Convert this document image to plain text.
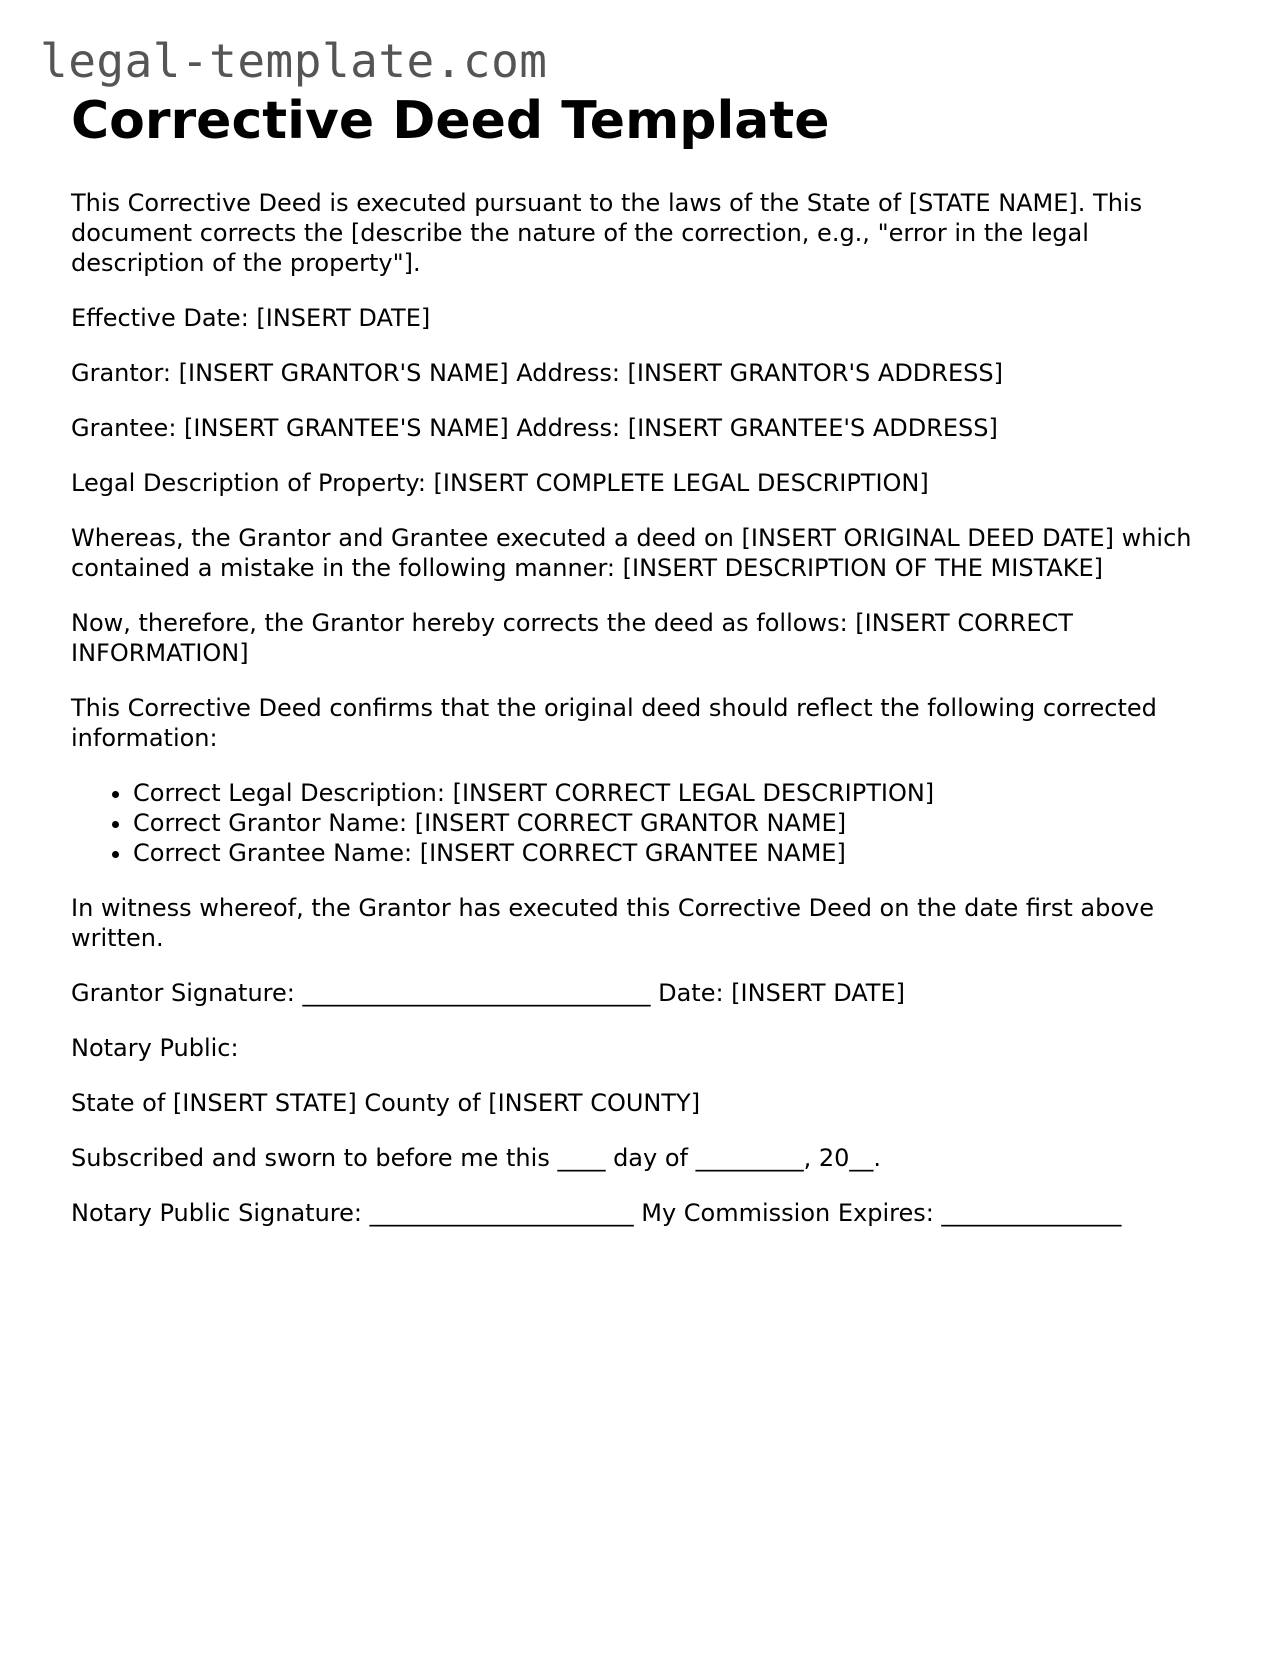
legal-template.com
Corrective Deed Template

This Corrective Deed is executed pursuant to the laws of the State of [STATE NAME]. This document corrects the [describe the nature of the correction, e.g., "error in the legal description of the property"].

Effective Date: [INSERT DATE]

Grantor: [INSERT GRANTOR'S NAME] Address: [INSERT GRANTOR'S ADDRESS]

Grantee: [INSERT GRANTEE'S NAME] Address: [INSERT GRANTEE'S ADDRESS]

Legal Description of Property: [INSERT COMPLETE LEGAL DESCRIPTION]

Whereas, the Grantor and Grantee executed a deed on [INSERT ORIGINAL DEED DATE] which contained a mistake in the following manner: [INSERT DESCRIPTION OF THE MISTAKE]

Now, therefore, the Grantor hereby corrects the deed as follows: [INSERT CORRECT INFORMATION]

This Corrective Deed confirms that the original deed should reflect the following corrected information:

• Correct Legal Description: [INSERT CORRECT LEGAL DESCRIPTION]
• Correct Grantor Name: [INSERT CORRECT GRANTOR NAME]
• Correct Grantee Name: [INSERT CORRECT GRANTEE NAME]

In witness whereof, the Grantor has executed this Corrective Deed on the date first above written.

Grantor Signature: _____________________________ Date: [INSERT DATE]

Notary Public:

State of [INSERT STATE] County of [INSERT COUNTY]

Subscribed and sworn to before me this ____ day of _________, 20__.

Notary Public Signature: ______________________ My Commission Expires: _______________
